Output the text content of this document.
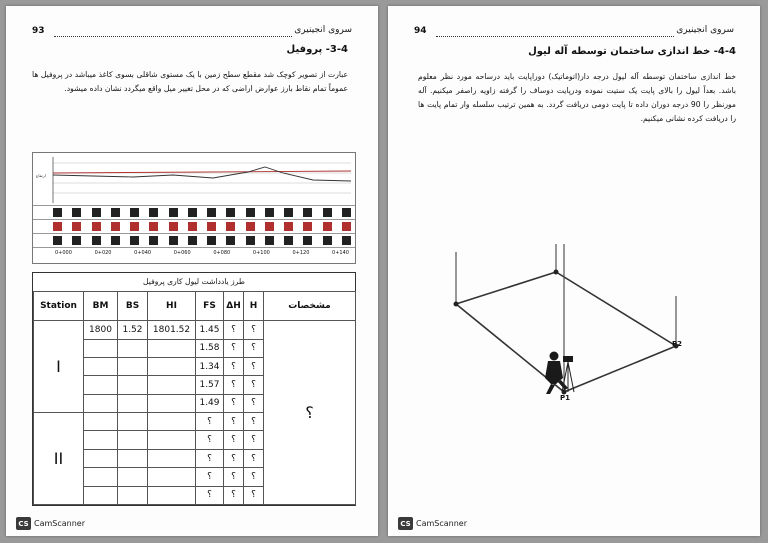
93	سروی انجینیری
3-4- پروفیل
عبارت از تصویر کوچک شد مقطع سطح زمین با یک مستوی شاقلی بسوی کاغذ میباشد در پروفیل ها عموماً تمام نقاط بارز عوارض اراضی که در محل تغییر میل واقع میگردد نشان داده میشود.
ارتفاع
0+000	0+020	0+040	0+060	0+080	0+100	0+120	0+140
طرز یادداشت لیول کاری پروفیل
Station	BM	BS	HI	FS	ΔH	H	مشخصات
I	1800	1.52	1801.52	1.45	؟	؟	؟
				1.58	؟	؟	
				1.34	؟	؟	
				1.57	؟	؟	
				1.49	؟	؟	
II				؟	؟	؟	
				؟	؟	؟	
				؟	؟	؟	
				؟	؟	؟	
				؟	؟	؟	
CS CamScanner
94	سروی انجینیری
4-4- خط اندازی ساختمان توسطه آله لیول
خط اندازی ساختمان توسطه آله لیول درجه دار(اتوماتیک) دوراپایت باید درساحه مورد نظر معلوم باشد. بعداً لیول را بالای پایت یک ستیت نموده ودرپایت دوساف را گرفته زاویه راصفر میکنیم. آله مورنظر را 90 درجه دوران داده تا پایت دومی دریافت گردد. به همین ترتیب سلسله وار تمام پایت ها را دریافت کرده نشانی میکنیم.
P1
P2
CS CamScanner
